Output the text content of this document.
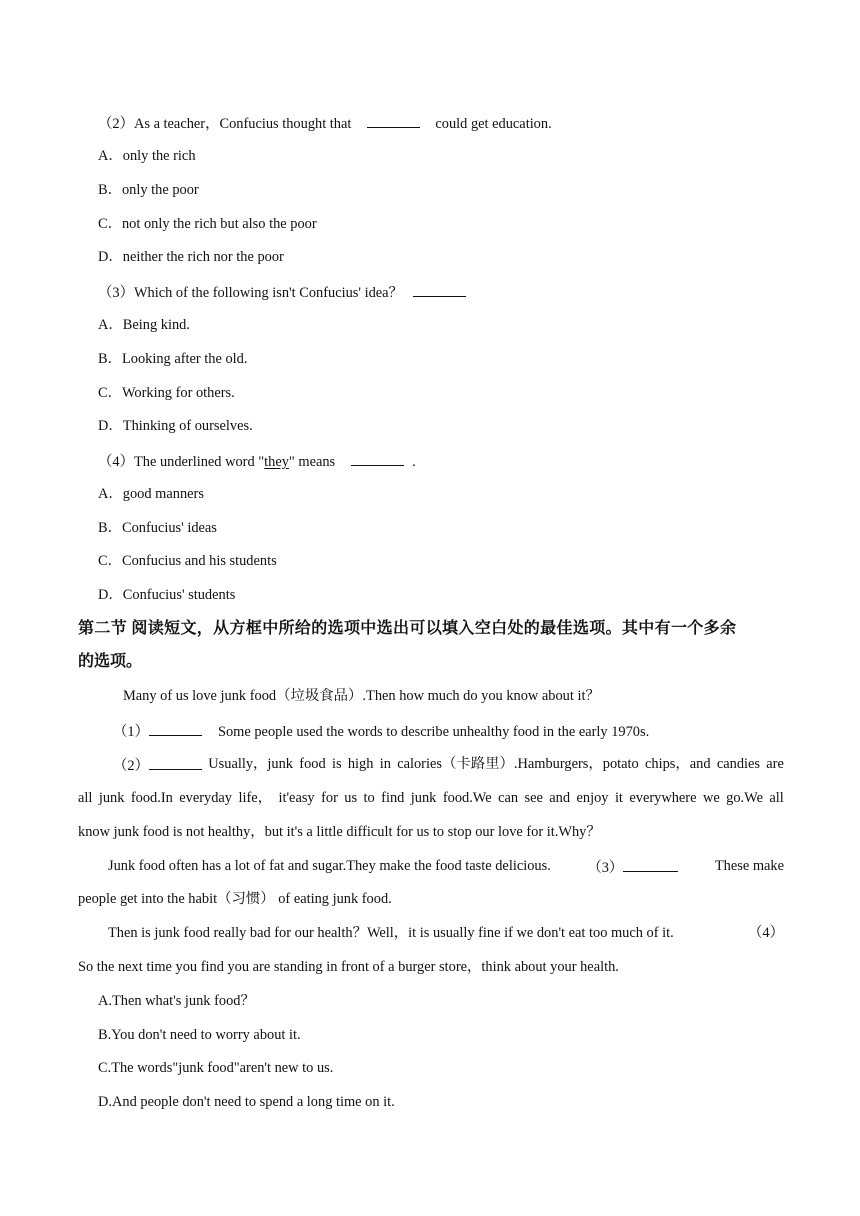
（2）As a teacher，Confucius thought that	could get education.
A．only the rich
B．only the poor
C．not only the rich but also the poor
D．neither the rich nor the poor
（3）Which of the following isn't Confucius' idea？
A．Being kind.
B．Looking after the old.
C．Working for others.
D．Thinking of ourselves.
（4）The underlined word "they" means	.
A．good manners
B．Confucius' ideas
C．Confucius and his students
D．Confucius' students
第二节 阅读短文，从方框中所给的选项中选出可以填入空白处的最佳选项。其中有一个多余
的选项。
Many of us love junk food（垃圾食品）.Then how much do you know about it？
（1）	Some people used the words to describe unhealthy food in the early 1970s.
（2）	Usually，junk food is high in calories（卡路里）.Hamburgers，potato chips，and candies are
all junk food.In everyday life， it'easy for us to find junk food.We can see and enjoy it everywhere we go.We all
know junk food is not healthy，but it's a little difficult for us to stop our love for it.Why？
Junk food often has a lot of fat and sugar.They make the food taste delicious.	（3）	These make
people get into the habit（习惯） of eating junk food.
Then is junk food really bad for our health？Well，it is usually fine if we don't eat too much of it.	（4）
So the next time you find you are standing in front of a burger store，think about your health.
A.Then what's junk food？
B.You don't need to worry about it.
C.The words"junk food"aren't new to us.
D.And people don't need to spend a long time on it.
